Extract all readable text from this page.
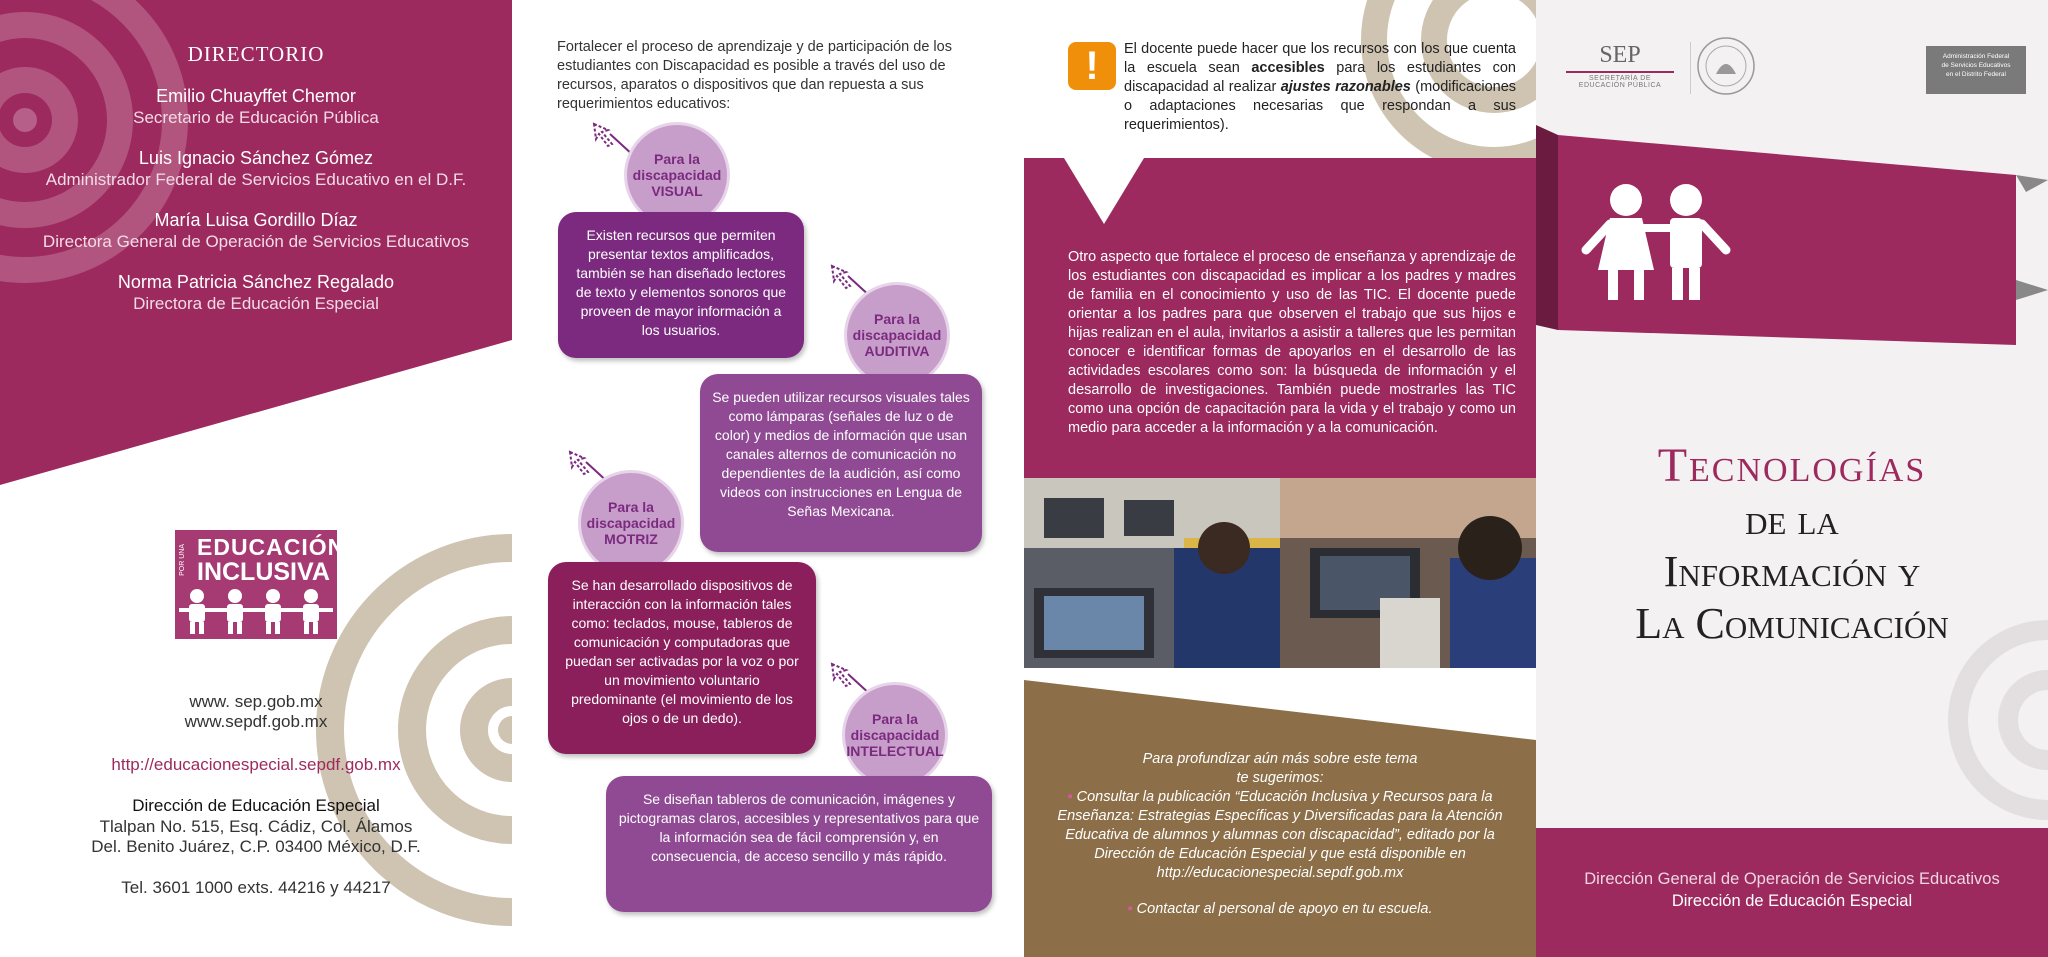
DIRECTORIO
Emilio Chuayffet Chemor
Secretario de Educación Pública
Luis Ignacio Sánchez Gómez
Administrador Federal de Servicios Educativo en el D.F.
María Luisa Gordillo Díaz
Directora General de Operación de Servicios Educativos
Norma Patricia Sánchez Regalado
Directora de Educación Especial
POR UNA EDUCACIÓN
INCLUSIVA
www. sep.gob.mx
www.sepdf.gob.mx
http://educacionespecial.sepdf.gob.mx
Dirección de Educación Especial
Tlalpan No. 515, Esq. Cádiz, Col. Álamos
Del. Benito Juárez, C.P. 03400 México, D.F.
Tel. 3601 1000 exts. 44216 y 44217
Fortalecer el proceso de aprendizaje y de participación de los estudiantes con Discapacidad es posible a través del uso de recursos, aparatos o dispositivos que dan repuesta a sus requerimientos educativos:
Para la
discapacidad
VISUAL
Existen recursos que permiten presentar textos amplificados, también se han diseñado lectores de texto y elementos sonoros que proveen de mayor información a los usuarios.
Para la
discapacidad
AUDITIVA
Se pueden utilizar recursos visuales tales como lámparas (señales de luz o de color) y medios de información que usan canales alternos de comunicación no dependientes de la audición, así como videos con instrucciones en Lengua de Señas Mexicana.
Para la
discapacidad
MOTRIZ
Se han desarrollado dispositivos de interacción con la información tales como: teclados, mouse, tableros de comunicación y computadoras que puedan ser activadas por la voz o por un movimiento voluntario predominante (el movimiento de los ojos o de un dedo).	Para la
discapacidad
INTELECTUAL
Se diseñan tableros de comunicación, imágenes y pictogramas claros, accesibles y representativos para que la información sea de fácil comprensión y, en consecuencia, de acceso sencillo y más rápido.
!	El docente puede hacer que los recursos con los que cuenta la escuela sean accesibles para los estudiantes con discapacidad al realizar ajustes razonables (modificaciones o adaptaciones necesarias que respondan a sus requerimientos).
Otro aspecto que fortalece el proceso de enseñanza y aprendizaje de los estudiantes con discapacidad es implicar a los padres y madres de familia en el conocimiento y uso de las TIC. El docente puede orientar a los padres para que observen el trabajo que sus hijos e hijas realizan en el aula, invitarlos a asistir a talleres que les permitan conocer e identificar formas de apoyarlos en el desarrollo de las actividades escolares como son: la búsqueda de información y el desarrollo de investigaciones. También puede mostrarles las TIC como una opción de capacitación para la vida y el trabajo y como un medio para acceder a la información y a la comunicación.
Para profundizar aún más sobre este tema
te sugerimos:
▪ Consultar la publicación “Educación Inclusiva y Recursos para la Enseñanza: Estrategias Específicas y Diversificadas para la Atención Educativa de alumnos y alumnas con discapacidad”, editado por la Dirección de Educación Especial y que está disponible en http://educacionespecial.sepdf.gob.mx
▪ Contactar al personal de apoyo en tu escuela.
SEP
SECRETARÍA DE
EDUCACIÓN PÚBLICA
Administración Federal
de Servicios Educativos
en el Distrito Federal
Tecnologías
de la
Información y
La Comunicación
Dirección General de Operación de Servicios Educativos
Dirección de Educación Especial
